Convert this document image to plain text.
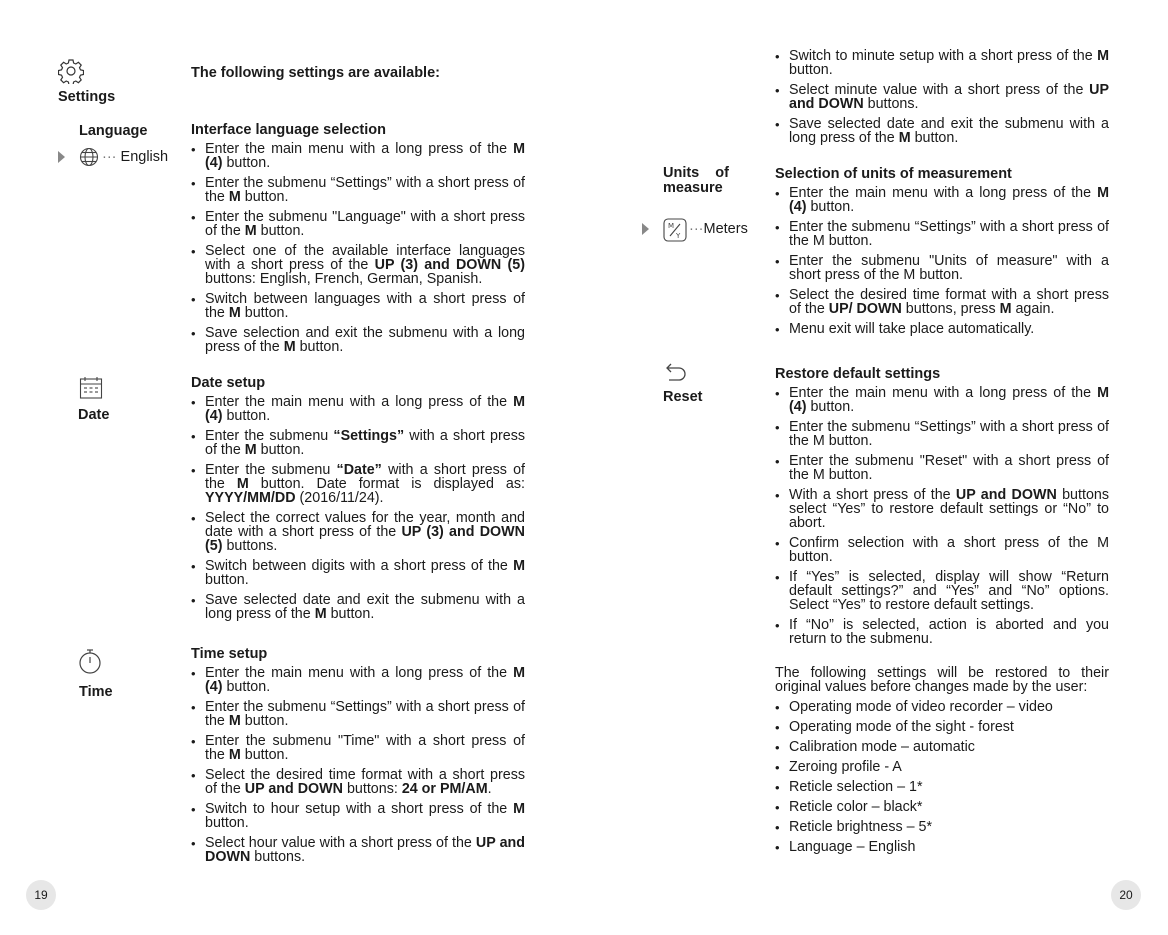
Settings
The following settings are available:
Language
··· English
Interface language selection
• Enter the main menu with a long press of the M (4) button.
• Enter the submenu “Settings” with a short press of the M button.
• Enter the submenu "Language" with a short press of the M button.
• Select one of the available interface languages with a short press of the UP (3) and DOWN (5) buttons: English, French, German, Spanish.
• Switch between languages with a short press of the M button.
• Save selection and exit the submenu with a long press of the M button.
Date
Date setup
• Enter the main menu with a long press of the M (4) button.
• Enter the submenu “Settings” with a short press of the M button.
• Enter the submenu “Date” with a short press of the M button. Date format is displayed as: YYYY/MM/DD (2016/11/24).
• Select the correct values for the year, month and date with a short press of the UP (3) and DOWN (5) buttons.
• Switch between digits with a short press of the M button.
• Save selected date and exit the submenu with a long press of the M button.
Time
Time setup
• Enter the main menu with a long press of the M (4) button.
• Enter the submenu “Settings” with a short press of the M button.
• Enter the submenu "Time" with a short press of the M button.
• Select the desired time format with a short press of the UP and DOWN buttons: 24 or PM/AM.
• Switch to hour setup with a short press of the M button.
• Select hour value with a short press of the UP and DOWN buttons.
19
• Switch to minute setup with a short press of the M button.
• Select minute value with a short press of the UP and DOWN buttons.
• Save selected date and exit the submenu with a long press of the M button.
Units of measure
M
Y ···Meters
Selection of units of measurement
• Enter the main menu with a long press of the M (4) button.
• Enter the submenu “Settings” with a short press of the M button.
• Enter the submenu "Units of measure" with a short press of the M button.
• Select the desired time format with a short press of the UP/ DOWN buttons, press M again.
• Menu exit will take place automatically.
Reset
Restore default settings
• Enter the main menu with a long press of the M (4) button.
• Enter the submenu “Settings” with a short press of the M button.
• Enter the submenu "Reset" with a short press of the M button.
• With a short press of the UP and DOWN buttons select “Yes” to restore default settings or “No” to abort.
• Confirm selection with a short press of the M button.
• If “Yes” is selected, display will show “Return default settings?” and “Yes” and “No” options. Select “Yes” to restore default settings.
• If “No” is selected, action is aborted and you return to the submenu.
The following settings will be restored to their original values before changes made by the user:
• Operating mode of video recorder – video
• Operating mode of the sight - forest
• Calibration mode – automatic
• Zeroing profile - A
• Reticle selection – 1*
• Reticle color – black*
• Reticle brightness – 5*
• Language – English
20
